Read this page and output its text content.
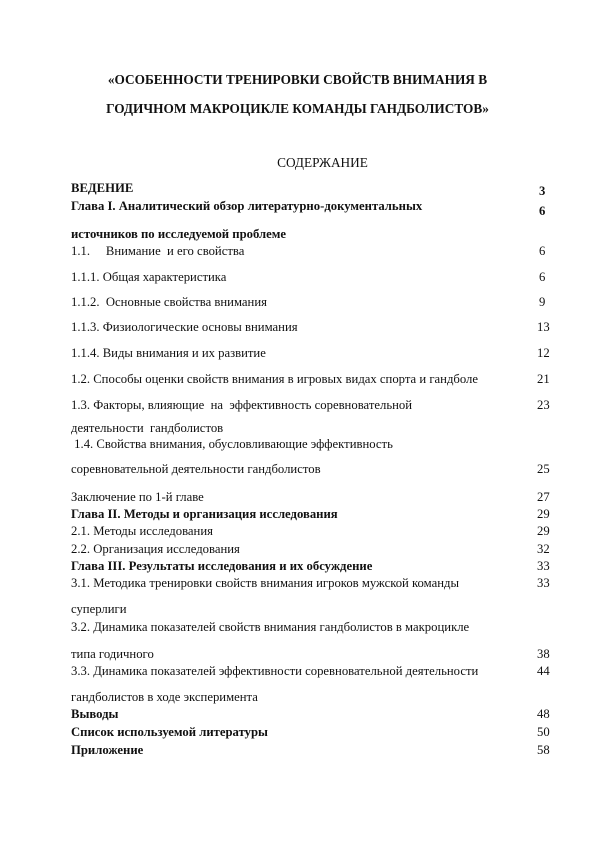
«ОСОБЕННОСТИ ТРЕНИРОВКИ СВОЙСТВ ВНИМАНИЯ В
ГОДИЧНОМ МАКРОЦИКЛЕ КОМАНДЫ ГАНДБОЛИСТОВ»
СОДЕРЖАНИЕ
ВЕДЕНИЕ	3
Глава I. Аналитический обзор литературно-документальных	6
источников по исследуемой проблеме
1.1.     Внимание  и его свойства	6
1.1.1. Общая характеристика	6
1.1.2.  Основные свойства внимания	9
1.1.3. Физиологические основы внимания	13
1.1.4. Виды внимания и их развитие	12
1.2. Способы оценки свойств внимания в игровых видах спорта и гандболе	21
1.3. Факторы, влияющие  на  эффективность соревновательной	23
деятельности  гандболистов
1.4. Свойства внимания, обусловливающие эффективность
соревновательной деятельности гандболистов	25
Заключение по 1-й главе	27
Глава II. Методы и организация исследования	29
2.1. Методы исследования	29
2.2. Организация исследования	32
Глава III. Результаты исследования и их обсуждение	33
3.1. Методика тренировки свойств внимания игроков мужской команды	33
суперлиги
3.2. Динамика показателей свойств внимания гандболистов в макроцикле
типа годичного	38
3.3. Динамика показателей эффективности соревновательной деятельности	44
гандболистов в ходе эксперимента
Выводы	48
Список используемой литературы	50
Приложение	58
